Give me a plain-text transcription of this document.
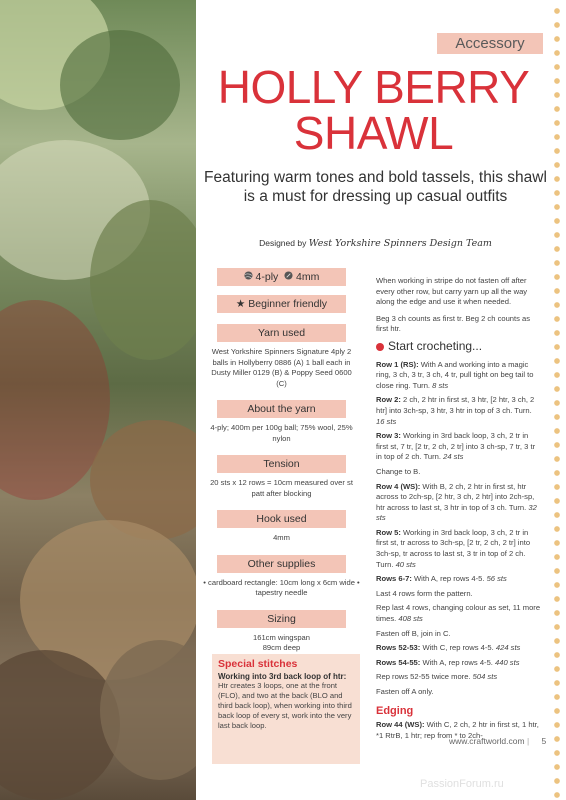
Accessory
HOLLY BERRY
SHAWL
Featuring warm tones and bold tassels, this shawl is a must for dressing up casual outfits
Designed by West Yorkshire Spinners Design Team
4-ply 4mm
★ Beginner friendly
Yarn used
West Yorkshire Spinners Signature 4ply 2 balls in Hollyberry 0886 (A) 1 ball each in Dusty Miller 0129 (B) & Poppy Seed 0600 (C)
About the yarn
4-ply; 400m per 100g ball; 75% wool, 25% nylon
Tension
20 sts x 12 rows = 10cm measured over st patt after blocking
Hook used
4mm
Other supplies
• cardboard rectangle: 10cm long x 6cm wide • tapestry needle
Sizing
161cm wingspan 89cm deep
Special stitches
Working into 3rd back loop of htr:
Htr creates 3 loops, one at the front (FLO), and two at the back (BLO and third back loop), when working into third back loop of every st, work into the very last back loop.

When working in stripe do not fasten off after every other row, but carry yarn up all the way along the edge and use it when needed.

Beg 3 ch counts as first tr. Beg 2 ch counts as first htr.

Start crocheting...
Row 1 (RS): With A and working into a magic ring, 3 ch, 3 tr, 3 ch, 4 tr, pull tight on beg tail to close ring. Turn. 8 sts
Row 2: 2 ch, 2 htr in first st, 3 htr, [2 htr, 3 ch, 2 htr] into 3ch-sp, 3 htr, 3 htr in top of 3 ch. Turn. 16 sts
Row 3: Working in 3rd back loop, 3 ch, 2 tr in first st, 7 tr, [2 tr, 2 ch, 2 tr] into 3 ch-sp, 7 tr, 3 tr in top of 2 ch. Turn. 24 sts
Change to B.
Row 4 (WS): With B, 2 ch, 2 htr in first st, htr across to 2ch-sp, [2 htr, 3 ch, 2 htr] into 2ch-sp, htr across to last st, 3 htr in top of 3 ch. Turn. 32 sts
Row 5: Working in 3rd back loop, 3 ch, 2 tr in first st, tr across to 3ch-sp, [2 tr, 2 ch, 2 tr] into 3ch-sp, tr across to last st, 3 tr in top of 2 ch. Turn. 40 sts
Rows 6-7: With A, rep rows 4-5. 56 sts
Last 4 rows form the pattern.
Rep last 4 rows, changing colour as set, 11 more times. 408 sts
Fasten off B, join in C.
Rows 52-53: With C, rep rows 4-5. 424 sts
Rows 54-55: With A, rep rows 4-5. 440 sts
Rep rows 52-55 twice more. 504 sts
Fasten off A only.
Edging
Row 44 (WS): With C, 2 ch, 2 htr in first st, 1 htr, *1 RtrB, 1 htr; rep from * to 2ch-
www.craftworld.com | 5
PassionForum.ru
